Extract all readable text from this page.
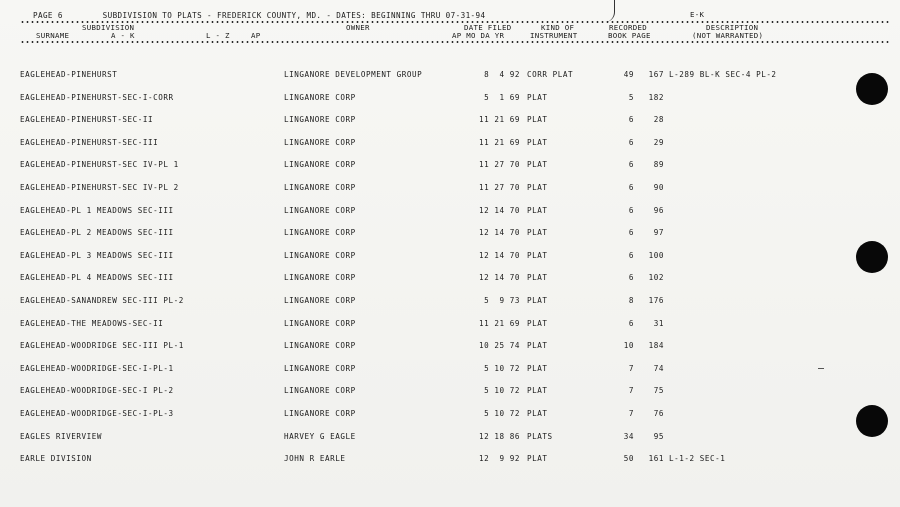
PAGE 6	SUBDIVISION TO PLATS - FREDERICK COUNTY, MD. - DATES: BEGINNING THRU 07-31-94	E-K
SUBDIVISION
SURNAME	A - K	L - Z	AP
OWNER	DATE FILED
AP MO DA YR
KIND OF
INSTRUMENT
RECORDED
BOOK PAGE
DESCRIPTION
(NOT WARRANTED)
EAGLEHEAD-PINEHURST	LINGANORE DEVELOPMENT GROUP	8  4 92 CORR PLAT	49	167 L-289 BL-K SEC-4 PL-2
EAGLEHEAD-PINEHURST-SEC-I-CORR	LINGANORE CORP	5  1 69 PLAT	5	182
EAGLEHEAD-PINEHURST-SEC-II	LINGANORE CORP	11 21 69 PLAT	6	28
EAGLEHEAD-PINEHURST-SEC-III	LINGANORE CORP	11 21 69 PLAT	6	29
EAGLEHEAD-PINEHURST-SEC IV-PL 1	LINGANORE CORP	11 27 70 PLAT	6	89
EAGLEHEAD-PINEHURST-SEC IV-PL 2	LINGANORE CORP	11 27 70 PLAT	6	90
EAGLEHEAD-PL 1 MEADOWS SEC-III	LINGANORE CORP	12 14 70 PLAT	6	96
EAGLEHEAD-PL 2 MEADOWS SEC-III	LINGANORE CORP	12 14 70 PLAT	6	97
EAGLEHEAD-PL 3 MEADOWS SEC-III	LINGANORE CORP	12 14 70 PLAT	6	100
EAGLEHEAD-PL 4 MEADOWS SEC-III	LINGANORE CORP	12 14 70 PLAT	6	102
EAGLEHEAD-SANANDREW SEC-III PL-2	LINGANORE CORP	5  9 73 PLAT	8	176
EAGLEHEAD-THE MEADOWS-SEC-II	LINGANORE CORP	11 21 69 PLAT	6	31
EAGLEHEAD-WOODRIDGE SEC-III PL-1	LINGANORE CORP	10 25 74 PLAT	10	184
EAGLEHEAD-WOODRIDGE-SEC-I-PL-1	LINGANORE CORP	5 10 72 PLAT	7	74
EAGLEHEAD-WOODRIDGE-SEC-I PL-2	LINGANORE CORP	5 10 72 PLAT	7	75
EAGLEHEAD-WOODRIDGE-SEC-I-PL-3	LINGANORE CORP	5 10 72 PLAT	7	76
EAGLES RIVERVIEW	HARVEY G EAGLE	12 18 86 PLATS	34	95
EARLE DIVISION	JOHN R EARLE	12  9 92 PLAT	50	161 L-1-2 SEC-1
